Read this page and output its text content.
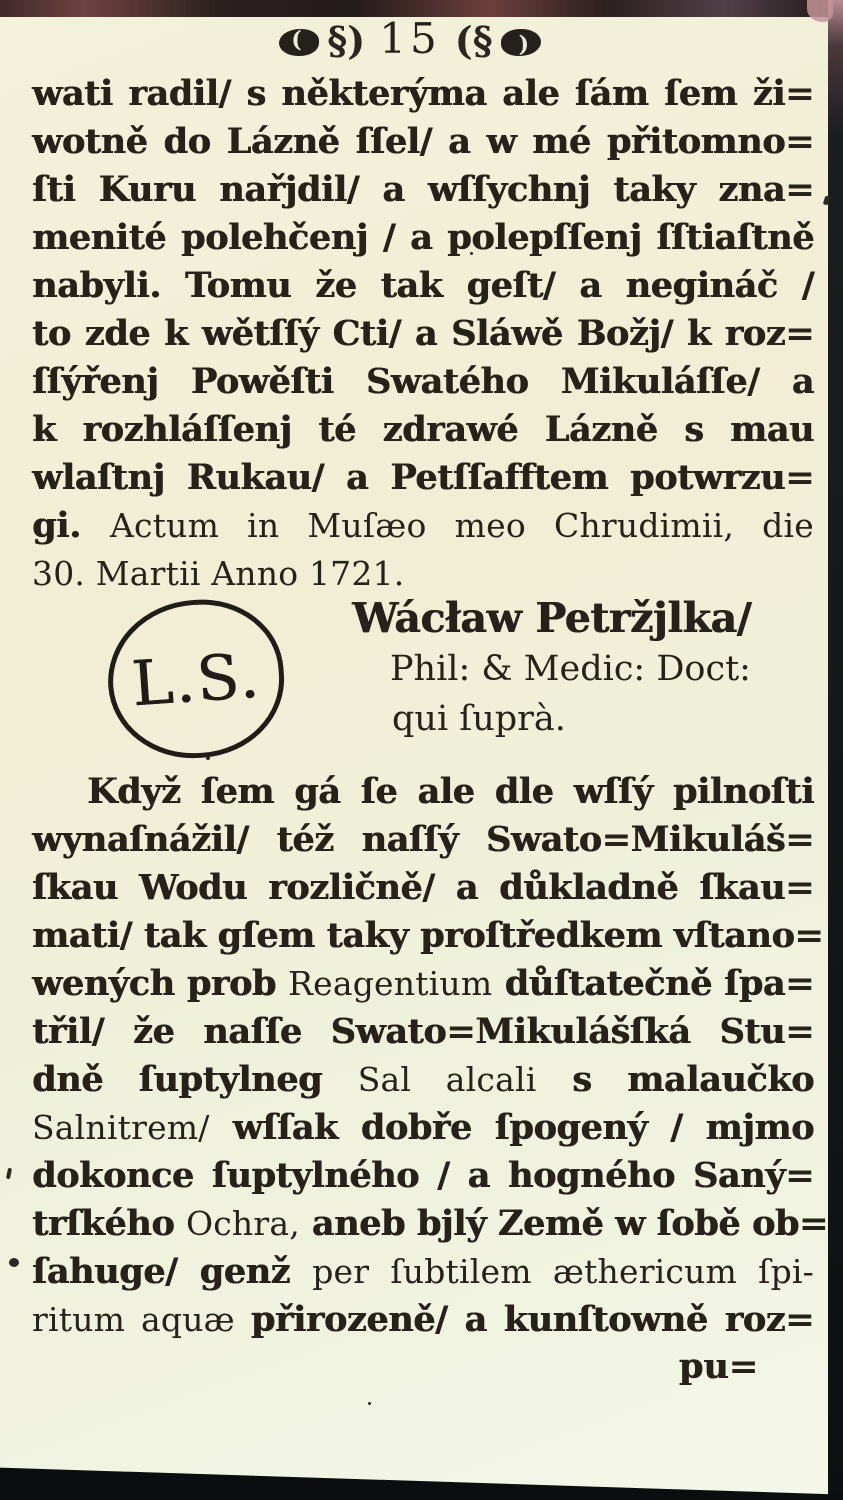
(
§) 15 (§
(
wati radil/ s některýma ale ſám ſem ži=
wotně do Lázně ſſel/ a w mé přitomno=
ſti Kuru nařjdil/ a wſſychnj taky zna=
menité polehčenj / a polepſſenj ſſtiaſtně
nabyli. Tomu že tak geſt/ a negináč /
to zde k wětſſý Cti/ a Sláwě Božj/ k roz=
ſſýřenj Powěſti Swatého Mikuláſſe/ a
k rozhláſſenj té zdrawé Lázně s mau
wlaſtnj Rukau/ a Petſſafftem potwrzu=
gi. Actum in Muſæo meo Chrudimii, die
30. Martii Anno 1721.
L.S.
Wácław Petržjlka/
Phil: & Medic: Doct:
qui ſuprà.
Když ſem gá ſe ale dle wſſý pilnoſti
wynaſnážil/ též naſſý Swato=Mikuláš=
ſkau Wodu rozličně/ a důkladně ſkau=
mati/ tak gſem taky proſtředkem vſtano=
wených prob Reagentium důſtatečně ſpa=
třil/ že naſſe Swato=Mikulášſká Stu=
dně ſuptylneg Sal alcali s malaučko
Salnitrem/ wſſak dobře ſpogený / mjmo
dokonce ſuptylného / a hogného Saný=
trſkého Ochra, aneb bjlý Země w ſobě ob=
ſahuge/ genž per ſubtilem æthericum ſpi-
ritum aquæ přirozeně/ a kunſtowně roz=
pu=
